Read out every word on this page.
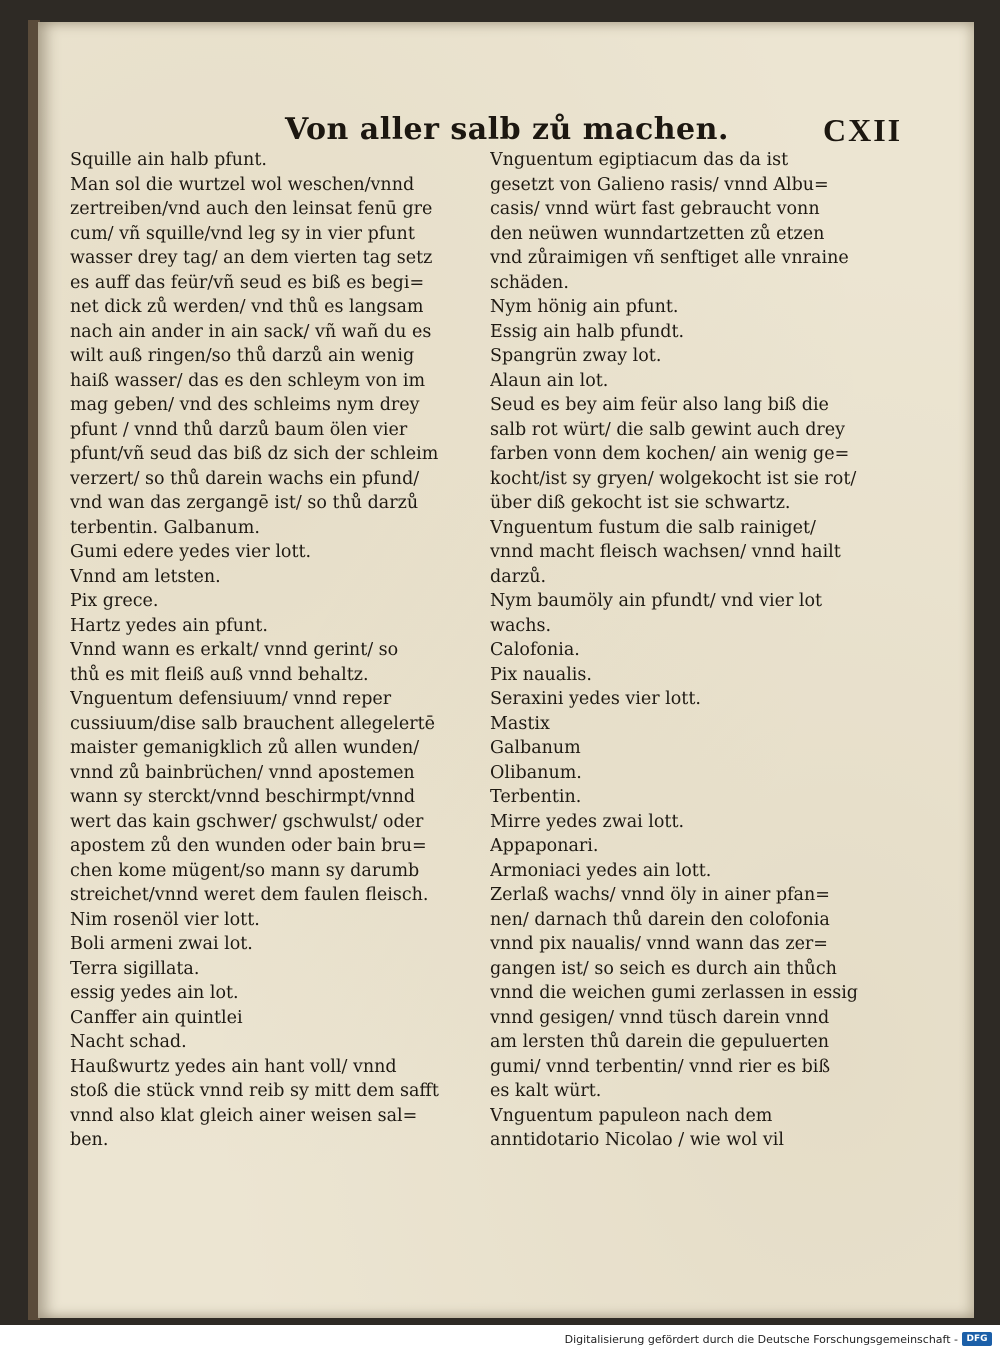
Von aller salb zů machen.	CXII
Squille ain halb pfunt.
Man sol die wurtzel wol weschen/vnnd
zertreiben/vnd auch den leinsat fenū gre
cum/ vñ squille/vnd leg sy in vier pfunt
wasser drey tag/ an dem vierten tag setz
es auff das feür/vñ seud es biß es begi=
net dick zů werden/ vnd thů es langsam
nach ain ander in ain sack/ vñ wañ du es
wilt auß ringen/so thů darzů ain wenig
haiß wasser/ das es den schleym von im
mag geben/ vnd des schleims nym drey
pfunt / vnnd thů darzů baum ölen vier
pfunt/vñ seud das biß dz sich der schleim
verzert/ so thů darein wachs ein pfund/
vnd wan das zergangē ist/ so thů darzů
terbentin. Galbanum.
Gumi edere yedes vier lott.
Vnnd am letsten.
Pix grece.
Hartz yedes ain pfunt.
Vnnd wann es erkalt/ vnnd gerint/ so
thů es mit fleiß auß vnnd behaltz.
Vnguentum defensiuum/ vnnd reper
cussiuum/dise salb brauchent allegelertē
maister gemanigklich zů allen wunden/
vnnd zů bainbrüchen/ vnnd apostemen
wann sy sterckt/vnnd beschirmpt/vnnd
wert das kain gschwer/ gschwulst/ oder
apostem zů den wunden oder bain bru=
chen kome mügent/so mann sy darumb
streichet/vnnd weret dem faulen fleisch.
Nim rosenöl vier lott.
Boli armeni zwai lot.
Terra sigillata.
essig yedes ain lot.
Canffer ain quintlei
Nacht schad.
Haußwurtz yedes ain hant voll/ vnnd
stoß die stück vnnd reib sy mitt dem safft
vnnd also klat gleich ainer weisen sal=
ben.
Vnguentum egiptiacum das da ist
gesetzt von Galieno rasis/ vnnd Albu=
casis/ vnnd würt fast gebraucht vonn
den neüwen wunndartzetten zů etzen
vnd zůraimigen vñ senftiget alle vnraine
schäden.
Nym hönig ain pfunt.
Essig ain halb pfundt.
Spangrün zway lot.
Alaun ain lot.
Seud es bey aim feür also lang biß die
salb rot würt/ die salb gewint auch drey
farben vonn dem kochen/ ain wenig ge=
kocht/ist sy gryen/ wolgekocht ist sie rot/
über diß gekocht ist sie schwartz.
Vnguentum fustum die salb rainiget/
vnnd macht fleisch wachsen/ vnnd hailt
darzů.
Nym baumöly ain pfundt/ vnd vier lot
wachs.
Calofonia.
Pix naualis.
Seraxini yedes vier lott.
Mastix
Galbanum
Olibanum.
Terbentin.
Mirre yedes zwai lott.
Appaponari.
Armoniaci yedes ain lott.
Zerlaß wachs/ vnnd öly in ainer pfan=
nen/ darnach thů darein den colofonia
vnnd pix naualis/ vnnd wann das zer=
gangen ist/ so seich es durch ain thůch
vnnd die weichen gumi zerlassen in essig
vnnd gesigen/ vnnd tüsch darein vnnd
am lersten thů darein die gepuluerten
gumi/ vnnd terbentin/ vnnd rier es biß
es kalt würt.
Vnguentum papuleon nach dem
anntidotario Nicolao / wie wol vil
Digitalisierung gefördert durch die Deutsche Forschungsgemeinschaft - DFG
